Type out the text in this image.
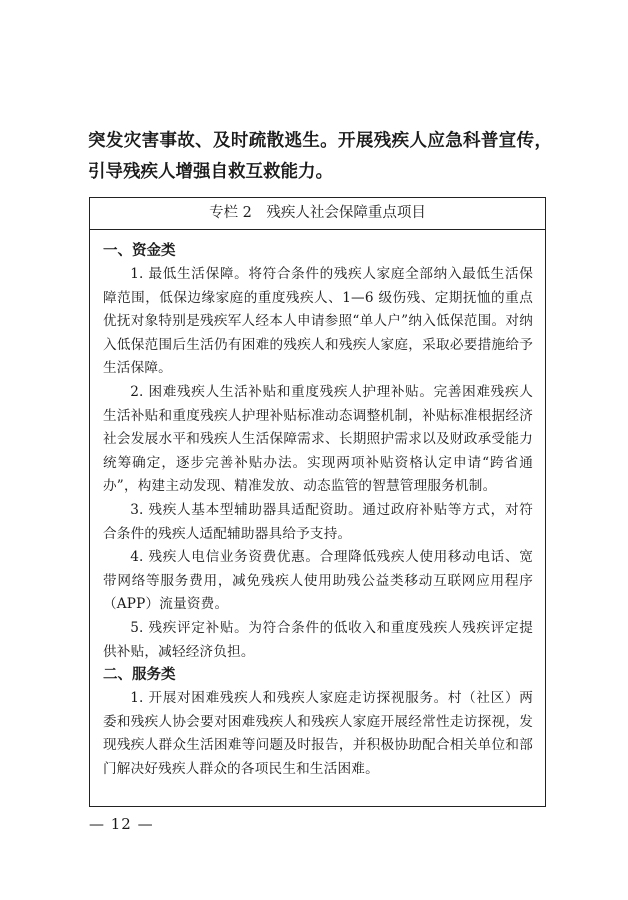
突发灾害事故、及时疏散逃生。开展残疾人应急科普宣传，引导残疾人增强自救互救能力。

专栏 2　残疾人社会保障重点项目

一、资金类

1. 最低生活保障。将符合条件的残疾人家庭全部纳入最低生活保障范围，低保边缘家庭的重度残疾人、1—6 级伤残、定期抚恤的重点优抚对象特别是残疾军人经本人申请参照“单人户”纳入低保范围。对纳入低保范围后生活仍有困难的残疾人和残疾人家庭，采取必要措施给予生活保障。

2. 困难残疾人生活补贴和重度残疾人护理补贴。完善困难残疾人生活补贴和重度残疾人护理补贴标准动态调整机制，补贴标准根据经济社会发展水平和残疾人生活保障需求、长期照护需求以及财政承受能力统筹确定，逐步完善补贴办法。实现两项补贴资格认定申请“跨省通办”，构建主动发现、精准发放、动态监管的智慧管理服务机制。

3. 残疾人基本型辅助器具适配资助。通过政府补贴等方式，对符合条件的残疾人适配辅助器具给予支持。

4. 残疾人电信业务资费优惠。合理降低残疾人使用移动电话、宽带网络等服务费用，减免残疾人使用助残公益类移动互联网应用程序（APP）流量资费。

5. 残疾评定补贴。为符合条件的低收入和重度残疾人残疾评定提供补贴，减轻经济负担。

二、服务类

1. 开展对困难残疾人和残疾人家庭走访探视服务。村（社区）两委和残疾人协会要对困难残疾人和残疾人家庭开展经常性走访探视，发现残疾人群众生活困难等问题及时报告，并积极协助配合相关单位和部门解决好残疾人群众的各项民生和生活困难。

— 12 —
